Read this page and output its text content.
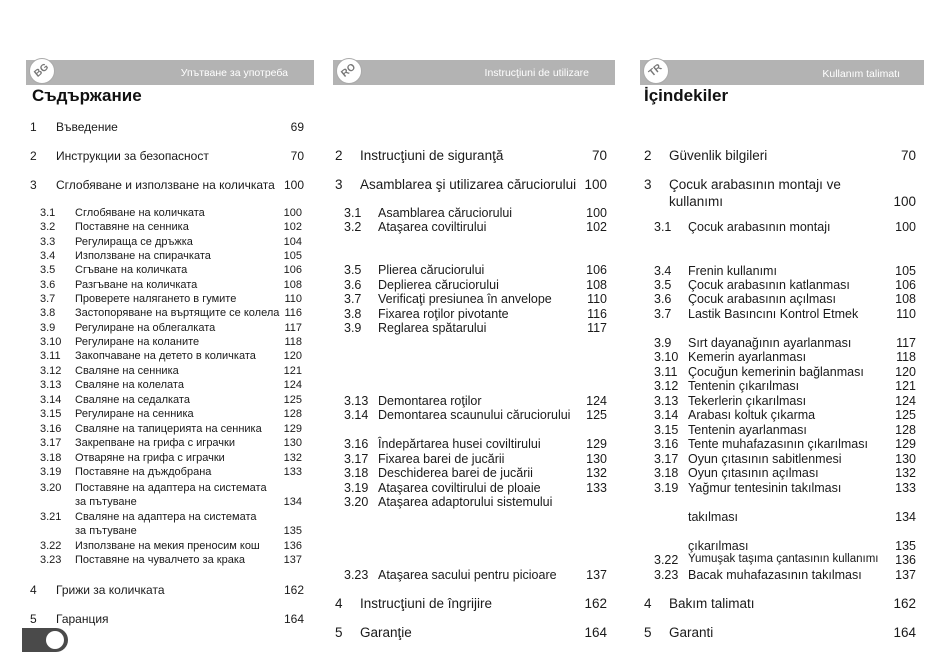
BG	Упътване за употреба
Съдържание
1 Въведение	69
2 Инструкции за безопасност	70
3 Сглобяване и използване на количката 100
3.1 Сглобяване на количката	100
3.2 Поставяне на сенника	102
3.3 Регулираща се дръжка	104
3.4 Използване на спирачката	105
3.5 Сгъване на количката	106
3.6 Разгъване на количката	108
3.7 Проверете налягането в гумите	110
3.8 Застопоряване на въртящите се колела 116
3.9 Регулиране на облегалката	117
3.10 Регулиране на колaните	118
3.11 Закопчаване на детето в количката	120
3.12 Сваляне на сенника	121
3.13 Сваляне на колелата	124
3.14 Сваляне на седалката	125
3.15 Регулиране на сенника	128
3.16 Сваляне на тапицерията на сенника 129
3.17 Закрепване на грифа с играчки	130
3.18 Отваряне на грифа с играчки	132
3.19 Поставяне на дъждобрана	133
3.20 Поставяне на адаптера на системата
за пътуване	134
3.21 Сваляне на адаптера на системата
за пътуване	135
3.22 Използване на мекия преносим кош 136
3.23 Поставяне на чувалчето за крака	137
4 Грижи за количката	162
5 Гаранция	164
RO	Instrucţiuni de utilizare
2 Instrucţiuni de siguranţă	70
3 Asamblarea şi utilizarea căruciorului 100
3.1 Asamblarea căruciorului	100
3.2 Ataşarea coviltirului	102
3.5 Plierea căruciorului	106
3.6 Deplierea căruciorului	108
3.7 Verificaţi presiunea în anvelope	110
3.8 Fixarea roţilor pivotante	116
3.9 Reglarea spătarului	117
3.13 Demontarea roţilor	124
3.14 Demontarea scaunului căruciorului 125
3.16 Îndepărtarea husei coviltirului	129
3.17 Fixarea barei de jucării	130
3.18 Deschiderea barei de jucării	132
3.19 Ataşarea coviltirului de ploaie	133
3.20 Ataşarea adaptorului sistemului
3.23 Ataşarea sacului pentru picioare 137
4 Instrucţiuni de îngrijire	162
5 Garanţie	164
TR	Kullanım talimatı
İçindekiler
2 Güvenlik bilgileri	70
3 Çocuk arabasının montajı ve
kullanımı	100
3.1 Çocuk arabasının montajı	100
3.4 Frenin kullanımı	105
3.5 Çocuk arabasının katlanması	106
3.6 Çocuk arabasının açılması	108
3.7 Lastik Basıncını Kontrol Etmek	110
3.9 Sırt dayanağının ayarlanması	117
3.10 Kemerin ayarlanması	118
3.11 Çocuğun kemerinin bağlanması	120
3.12 Tentenin çıkarılması	121
3.13 Tekerlerin çıkarılması	124
3.14 Arabası koltuk çıkarma	125
3.15 Tentenin ayarlanması	128
3.16 Tente muhafazasının çıkarılması 129
3.17 Oyun çıtasının sabitlenmesi	130
3.18 Oyun çıtasının açılması	132
3.19 Yağmur tentesinin takılması	133
takılması	134
çıkarılması	135
3.22 Yumuşak taşıma çantasının kullanımı 136
3.23 Bacak muhafazasının takılması	137
4 Bakım talimatı	162
5 Garanti	164
